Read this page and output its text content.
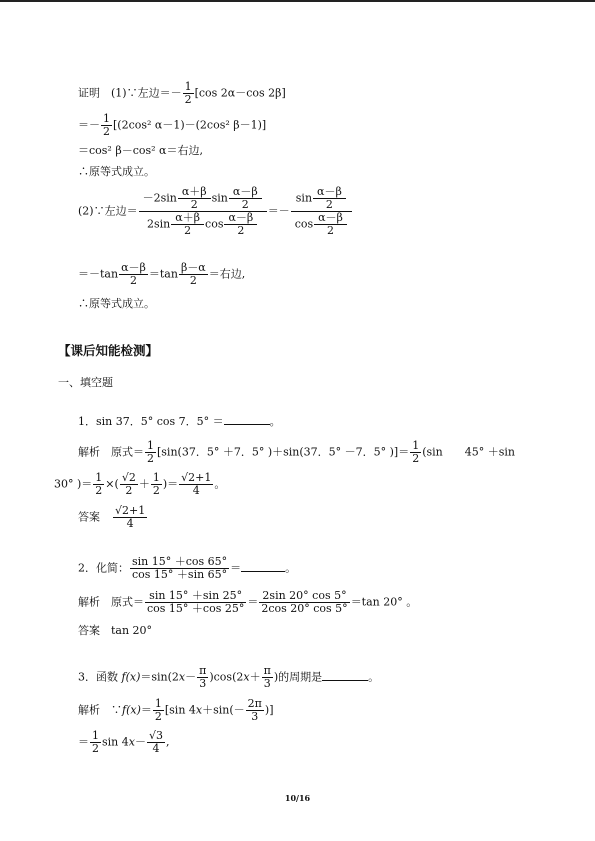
证明　(1)∵左边＝－ $\frac{1}{2} [\cos$ 2α－cos 2β]
＝－ $\frac{1}{2} [(2\cos^2$ α－1)－(2cos² β－1)]
＝cos² β－cos² α＝右边,
∴原等式成立。
(2)∵左边＝ $\frac{-2\sin \frac{\alpha+\beta}{2} \sin \frac{\alpha-\beta}{2}}{2\sin \frac{\alpha+\beta}{2} \cos \frac{\alpha-\beta}{2}} =- \frac{\sin \frac{\alpha-\beta}{2}}{\cos \frac{\alpha-\beta}{2}}$
$=-\tan \frac{\alpha-\beta}{2} =\tan \frac{\beta-\alpha}{2}$ ＝右边,
∴原等式成立。
【课后知能检测】
一、填空题
1．sin 37．5° cos 7．5° ＝	。
解析　原式＝ $\frac{1}{2} [\sin(37$．5° ＋7．5° )＋sin(37．5° －7．5° )]＝ $\frac{1}{2} (\sin$　　45° ＋sin
30° )＝ $\frac{1}{2}$ ×( $\frac{√2}{2} + \frac{1}{2}$ )＝ $\frac{√2+1}{4}$ 。
答案 $\frac{√2+1}{4}$
2．化简： $\frac{\sin 15^\circ +\cos 65^\circ}{\cos 15^\circ +\sin 65^\circ}$ ＝	。
解析　原式＝ $\frac{\sin 15^\circ +\sin 25^\circ}{\cos 15^\circ +\cos 25^\circ} = \frac{2\sin 20^\circ \cos 5^\circ}{2\cos 20^\circ \cos 5^\circ} =\tan$ 20° 。
答案　tan 20°
3．函数 $f(x)=\sin(2x- \frac{\pi}{3} )\cos(2x+ \frac{\pi}{3}$ )的周期是	。
解析　∵f(x)＝ $\frac{1}{2} [\sin$ $4x+\sin(- \frac{2\pi}{3}$ )]
＝ $\frac{1}{2}$ $\sin 4x- \frac{√3}{4}$ ,
10/16
